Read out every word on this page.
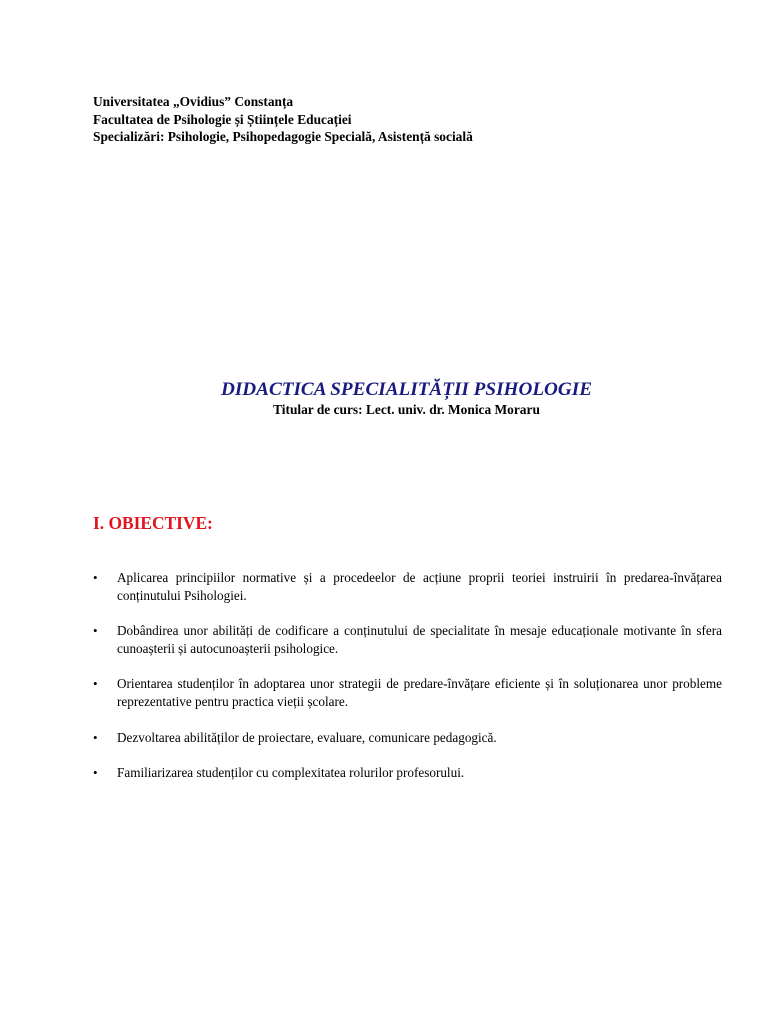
Universitatea „Ovidius” Constanța

Facultatea de Psihologie și Științele Educației

Specializări: Psihologie, Psihopedagogie Specială, Asistență socială

DIDACTICA SPECIALITĂȚII PSIHOLOGIE

Titular de curs: Lect. univ. dr. Monica Moraru

I. OBIECTIVE:

•	Aplicarea principiilor normative și a procedeelor de acțiune proprii teoriei instruirii în predarea-învățarea conținutului Psihologiei.
•	Dobândirea unor abilități de codificare a conținutului de specialitate în mesaje educaționale motivante în sfera cunoașterii și autocunoașterii psihologice.
•	Orientarea studenților în adoptarea unor strategii de predare-învățare eficiente și în soluționarea unor probleme reprezentative pentru practica vieții școlare.
•	Dezvoltarea abilităților de proiectare, evaluare, comunicare pedagogică.
•	Familiarizarea studenților cu complexitatea rolurilor profesorului.
